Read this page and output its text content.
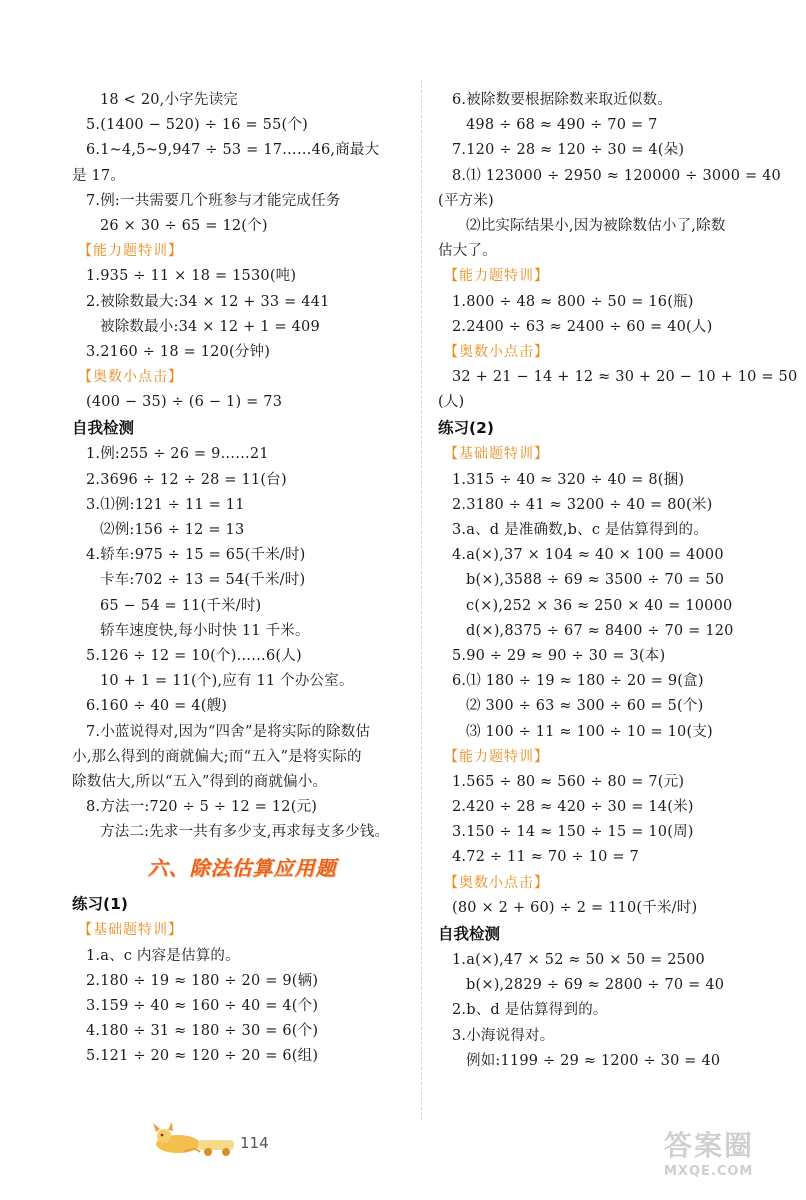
18 < 20,小字先读完
5.(1400 − 520) ÷ 16 = 55(个)
6.1~4,5~9,947 ÷ 53 = 17……46,商最大
是 17。
7.例:一共需要几个班参与才能完成任务
26 × 30 ÷ 65 = 12(个)
【能力题特训】
1.935 ÷ 11 × 18 = 1530(吨)
2.被除数最大:34 × 12 + 33 = 441
被除数最小:34 × 12 + 1 = 409
3.2160 ÷ 18 = 120(分钟)
【奥数小点击】
(400 − 35) ÷ (6 − 1) = 73
自我检测
1.例:255 ÷ 26 = 9……21
2.3696 ÷ 12 ÷ 28 = 11(台)
3.⑴例:121 ÷ 11 = 11
⑵例:156 ÷ 12 = 13
4.轿车:975 ÷ 15 = 65(千米/时)
卡车:702 ÷ 13 = 54(千米/时)
65 − 54 = 11(千米/时)
轿车速度快,每小时快 11 千米。
5.126 ÷ 12 = 10(个)……6(人)
10 + 1 = 11(个),应有 11 个办公室。
6.160 ÷ 40 = 4(艘)
7.小蓝说得对,因为“四舍”是将实际的除数估
小,那么得到的商就偏大;而“五入”是将实际的
除数估大,所以“五入”得到的商就偏小。
8.方法一:720 ÷ 5 ÷ 12 = 12(元)
方法二:先求一共有多少支,再求每支多少钱。
六、除法估算应用题
练习(1)
【基础题特训】
1.a、c 内容是估算的。
2.180 ÷ 19 ≈ 180 ÷ 20 = 9(辆)
3.159 ÷ 40 ≈ 160 ÷ 40 = 4(个)
4.180 ÷ 31 ≈ 180 ÷ 30 = 6(个)
5.121 ÷ 20 ≈ 120 ÷ 20 = 6(组)
6.被除数要根据除数来取近似数。
498 ÷ 68 ≈ 490 ÷ 70 = 7
7.120 ÷ 28 ≈ 120 ÷ 30 = 4(朵)
8.⑴ 123000 ÷ 2950 ≈ 120000 ÷ 3000 = 40
(平方米)
⑵比实际结果小,因为被除数估小了,除数
估大了。
【能力题特训】
1.800 ÷ 48 ≈ 800 ÷ 50 = 16(瓶)
2.2400 ÷ 63 ≈ 2400 ÷ 60 = 40(人)
【奥数小点击】
32 + 21 − 14 + 12 ≈ 30 + 20 − 10 + 10 = 50
(人)
练习(2)
【基础题特训】
1.315 ÷ 40 ≈ 320 ÷ 40 = 8(捆)
2.3180 ÷ 41 ≈ 3200 ÷ 40 = 80(米)
3.a、d 是准确数,b、c 是估算得到的。
4.a(×),37 × 104 ≈ 40 × 100 = 4000
b(×),3588 ÷ 69 ≈ 3500 ÷ 70 = 50
c(×),252 × 36 ≈ 250 × 40 = 10000
d(×),8375 ÷ 67 ≈ 8400 ÷ 70 = 120
5.90 ÷ 29 ≈ 90 ÷ 30 = 3(本)
6.⑴ 180 ÷ 19 ≈ 180 ÷ 20 = 9(盒)
⑵ 300 ÷ 63 ≈ 300 ÷ 60 = 5(个)
⑶ 100 ÷ 11 ≈ 100 ÷ 10 = 10(支)
【能力题特训】
1.565 ÷ 80 ≈ 560 ÷ 80 = 7(元)
2.420 ÷ 28 ≈ 420 ÷ 30 = 14(米)
3.150 ÷ 14 ≈ 150 ÷ 15 = 10(周)
4.72 ÷ 11 ≈ 70 ÷ 10 = 7
【奥数小点击】
(80 × 2 + 60) ÷ 2 = 110(千米/时)
自我检测
1.a(×),47 × 52 ≈ 50 × 50 = 2500
b(×),2829 ÷ 69 ≈ 2800 ÷ 70 = 40
2.b、d 是估算得到的。
3.小海说得对。
例如:1199 ÷ 29 ≈ 1200 ÷ 30 = 40
114	答案圈
MXQE.COM
